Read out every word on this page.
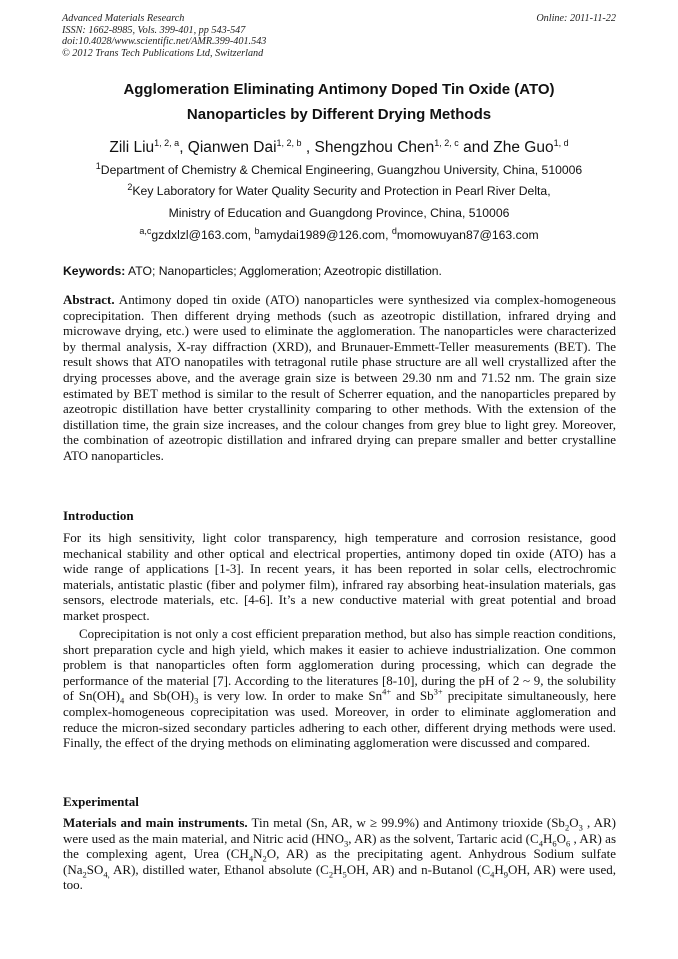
Advanced Materials Research
ISSN: 1662-8985, Vols. 399-401, pp 543-547
doi:10.4028/www.scientific.net/AMR.399-401.543
© 2012 Trans Tech Publications Ltd, Switzerland
Online: 2011-11-22
Agglomeration Eliminating Antimony Doped Tin Oxide (ATO)
Nanoparticles by Different Drying Methods
Zili Liu$^{1, 2, a}$, Qianwen Dai$^{1, 2, b}$ , Shengzhou Chen$^{1, 2, c}$ and Zhe Guo$^{1, d}$
$^1$Department of Chemistry & Chemical Engineering, Guangzhou University, China, 510006
$^2$Key Laboratory for Water Quality Security and Protection in Pearl River Delta,
Ministry of Education and Guangdong Province, China, 510006
$^{a,c}$gzdxlzl@163.com, $^b$amydai1989@126.com, $^d$momowuyan87@163.com
Keywords: ATO; Nanoparticles; Agglomeration; Azeotropic distillation.
Abstract. Antimony doped tin oxide (ATO) nanoparticles were synthesized via complex-homogeneous coprecipitation. Then different drying methods (such as azeotropic distillation, infrared drying and microwave drying, etc.) were used to eliminate the agglomeration. The nanoparticles were characterized by thermal analysis, X-ray diffraction (XRD), and Brunauer-Emmett-Teller measurements (BET). The result shows that ATO nanopatiles with tetragonal rutile phase structure are all well crystallized after the drying processes above, and the average grain size is between 29.30 nm and 71.52 nm. The grain size estimated by BET method is similar to the result of Scherrer equation, and the nanoparticles prepared by azeotropic distillation have better crystallinity comparing to other methods. With the extension of the distillation time, the grain size increases, and the colour changes from grey blue to light grey. Moreover, the combination of azeotropic distillation and infrared drying can prepare smaller and better crystalline ATO nanoparticles.
Introduction
For its high sensitivity, light color transparency, high temperature and corrosion resistance, good mechanical stability and other optical and electrical properties, antimony doped tin oxide (ATO) has a wide range of applications [1-3]. In recent years, it has been reported in solar cells, electrochromic materials, antistatic plastic (fiber and polymer film), infrared ray absorbing heat-insulation materials, gas sensors, electrode materials, etc. [4-6]. It’s a new conductive material with great potential and broad market prospect.
Coprecipitation is not only a cost efficient preparation method, but also has simple reaction conditions, short preparation cycle and high yield, which makes it easier to achieve industrialization. One common problem is that nanoparticles often form agglomeration during processing, which can degrade the performance of the material [7]. According to the literatures [8-10], during the pH of 2 ~ 9, the solubility of $Sn(OH)_4$ and $Sb(OH)_3$ is very low. In order to make $Sn^{4+}$ and $Sb^{3+}$ precipitate simultaneously, here complex-homogeneous coprecipitation was used. Moreover, in order to eliminate agglomeration and reduce the micron-sized secondary particles adhering to each other, different drying methods were used. Finally, the effect of the drying methods on eliminating agglomeration were discussed and compared.
Experimental
Materials and main instruments. Tin metal (Sn, AR, w ≥ 99.9%) and Antimony trioxide ($Sb_2O_3$ , AR) were used as the main material, and Nitric acid ($HNO_3$, AR) as the solvent, Tartaric acid ($C_4H_6O_6$ , AR) as the complexing agent, Urea ($CH_4N_2O$, AR) as the precipitating agent. Anhydrous Sodium sulfate ($Na_2SO_{4,}$ AR), distilled water, Ethanol absolute ($C_2H_5OH$, AR) and n-Butanol ($C_4H_9OH$, AR) were used, too.
